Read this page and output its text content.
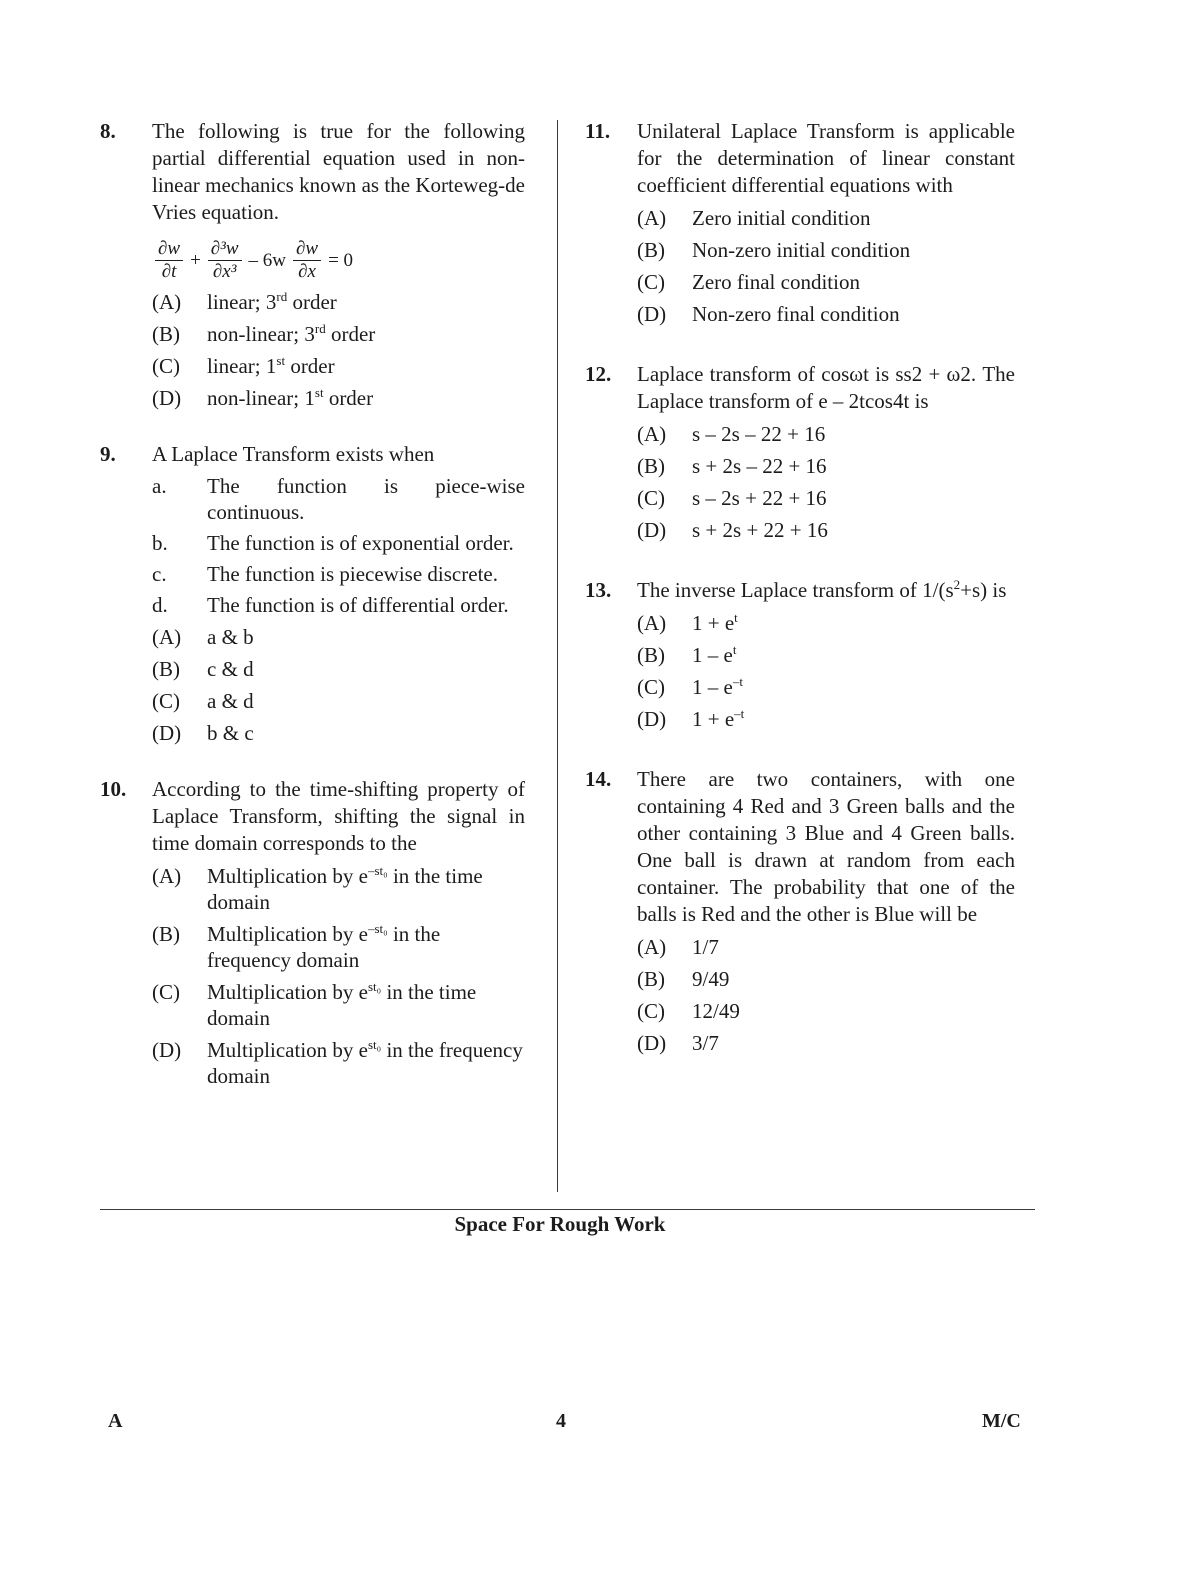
8. The following is true for the following partial differential equation used in non-linear mechanics known as the Korteweg-de Vries equation.
$\frac{\partial w}{\partial t} + \frac{\text{∂³w}}{\text{∂x³}} - 6w \frac{\partial w}{\partial x} = 0$
(A)	linear; 3rd order
(B)	non-linear; 3rd order
(C)	linear; 1st order
(D)	non-linear; 1st order
9. A Laplace Transform exists when
a.	The function is piece-wise continuous.
b.	The function is of exponential order.
c.	The function is piecewise discrete.
d.	The function is of differential order.
(A)	a & b
(B)	c & d
(C)	a & d
(D)	b & c
10. According to the time-shifting property of Laplace Transform, shifting the signal in time domain corresponds to the
(A)	Multiplication by $e^{-st_0}$ in the time domain
(B)	Multiplication by $e^{-st_0}$ in the frequency domain
(C)	Multiplication by $e^{st_0}$ in the time domain
(D)	Multiplication by $e^{st_0}$ in the frequency domain
11. Unilateral Laplace Transform is applicable for the determination of linear constant coefficient differential equations with
(A)	Zero initial condition
(B)	Non-zero initial condition
(C)	Zero final condition
(D)	Non-zero final condition
12. Laplace transform of cosωt is ss2 + ω2. The Laplace transform of e – 2tcos4t is
(A)	s – 2s – 22 + 16
(B)	s + 2s – 22 + 16
(C)	s – 2s + 22 + 16
(D)	s + 2s + 22 + 16
13. The inverse Laplace transform of $1/(s^2+s)$ is
(A)	$1 + e^t$
(B)	$1 - e^t$
(C)	$1 - e^{-t}$
(D)	$1 + e^{-t}$
14. There are two containers, with one containing 4 Red and 3 Green balls and the other containing 3 Blue and 4 Green balls. One ball is drawn at random from each container. The probability that one of the balls is Red and the other is Blue will be
(A)	1/7
(B)	9/49
(C)	12/49
(D)	3/7
Space For Rough Work
A	4	M/C
